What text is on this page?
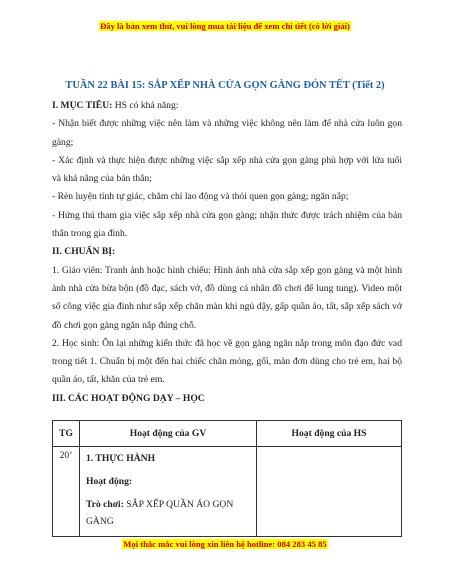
Đây là bản xem thử, vui lòng mua tài liệu để xem chi tiết (có lời giải)
TUẦN 22 BÀI 15: SẮP XẾP NHÀ CỬA GỌN GÀNG ĐÓN TẾT (Tiết 2)

I. MỤC TIÊU: HS có khả năng:

- Nhận biết được những việc nên làm và những việc không nên làm để nhà cửa luôn gọn gàng;

- Xác định và thực hiện được những việc sắp xếp nhà cửa gọn gàng phù hợp với lứa tuổi và khả năng của bản thân;

- Rèn luyện tính tự giác, chăm chỉ lao động và thói quen gọn gàng; ngăn nắp;

- Hứng thú tham gia việc sắp xếp nhà cửa gọn gàng; nhận thức được trách nhiệm của bản thân trong gia đình.

II. CHUẨN BỊ:

1. Giáo viên: Tranh ảnh hoặc hình chiếu: Hình ảnh nhà cửa sắp xếp gọn gàng và một hình ảnh nhà cửa bừa bộn (đồ đạc, sách vở, đồ dùng cá nhân đồ chơi để lung tung). Video một số công việc gia đình như sắp xếp chăn màn khi ngủ dậy, gấp quần áo, tất, sắp xếp sách vở đồ chơi gọn gàng ngăn nắp đúng chỗ.

2. Học sinh: Ôn lại những kiến thức đã học về gọn gàng ngăn nắp trong môn đạo đức vad trong tiết 1. Chuẩn bị một đến hai chiếc chăn mỏng, gối, màn đơn dùng cho trẻ em, hai bộ quần áo, tất, khăn của trẻ em.

III. CÁC HOẠT ĐỘNG DẠY – HỌC

TG	Hoạt động của GV	Hoạt động của HS
20’	1. THỰC HÀNH
Hoạt động:
Trò chơi: SẮP XẾP QUẦN ÁO GỌN GÀNG	

Mọi thắc mắc vui lòng xin liên hệ hotline: 084 283 45 85
